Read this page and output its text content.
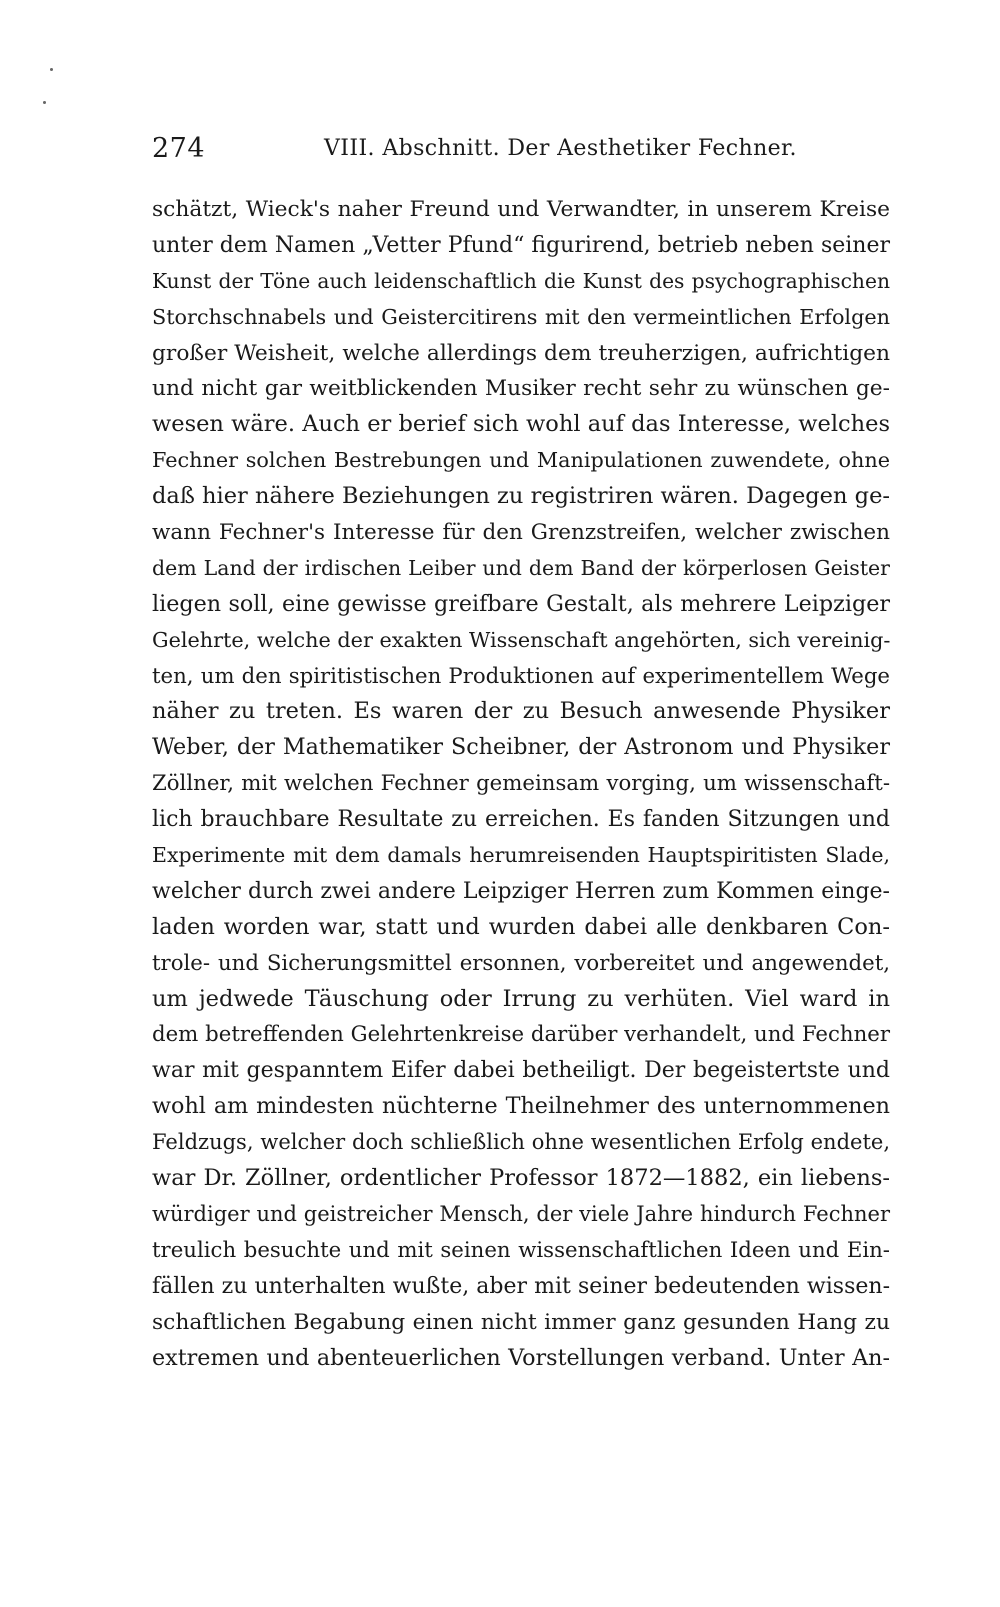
274	VIII. Abschnitt. Der Aesthetiker Fechner.
schätzt, Wieck's naher Freund und Verwandter, in unserem Kreise
unter dem Namen „Vetter Pfund“ figurirend, betrieb neben seiner
Kunst der Töne auch leidenschaftlich die Kunst des psychographischen
Storchschnabels und Geistercitirens mit den vermeintlichen Erfolgen
großer Weisheit, welche allerdings dem treuherzigen, aufrichtigen
und nicht gar weitblickenden Musiker recht sehr zu wünschen ge-
wesen wäre. Auch er berief sich wohl auf das Interesse, welches
Fechner solchen Bestrebungen und Manipulationen zuwendete, ohne
daß hier nähere Beziehungen zu registriren wären. Dagegen ge-
wann Fechner's Interesse für den Grenzstreifen, welcher zwischen
dem Land der irdischen Leiber und dem Band der körperlosen Geister
liegen soll, eine gewisse greifbare Gestalt, als mehrere Leipziger
Gelehrte, welche der exakten Wissenschaft angehörten, sich vereinig-
ten, um den spiritistischen Produktionen auf experimentellem Wege
näher zu treten. Es waren der zu Besuch anwesende Physiker
Weber, der Mathematiker Scheibner, der Astronom und Physiker
Zöllner, mit welchen Fechner gemeinsam vorging, um wissenschaft-
lich brauchbare Resultate zu erreichen. Es fanden Sitzungen und
Experimente mit dem damals herumreisenden Hauptspiritisten Slade,
welcher durch zwei andere Leipziger Herren zum Kommen einge-
laden worden war, statt und wurden dabei alle denkbaren Con-
trole- und Sicherungsmittel ersonnen, vorbereitet und angewendet,
um jedwede Täuschung oder Irrung zu verhüten. Viel ward in
dem betreffenden Gelehrtenkreise darüber verhandelt, und Fechner
war mit gespanntem Eifer dabei betheiligt. Der begeistertste und
wohl am mindesten nüchterne Theilnehmer des unternommenen
Feldzugs, welcher doch schließlich ohne wesentlichen Erfolg endete,
war Dr. Zöllner, ordentlicher Professor 1872—1882, ein liebens-
würdiger und geistreicher Mensch, der viele Jahre hindurch Fechner
treulich besuchte und mit seinen wissenschaftlichen Ideen und Ein-
fällen zu unterhalten wußte, aber mit seiner bedeutenden wissen-
schaftlichen Begabung einen nicht immer ganz gesunden Hang zu
extremen und abenteuerlichen Vorstellungen verband. Unter An-
